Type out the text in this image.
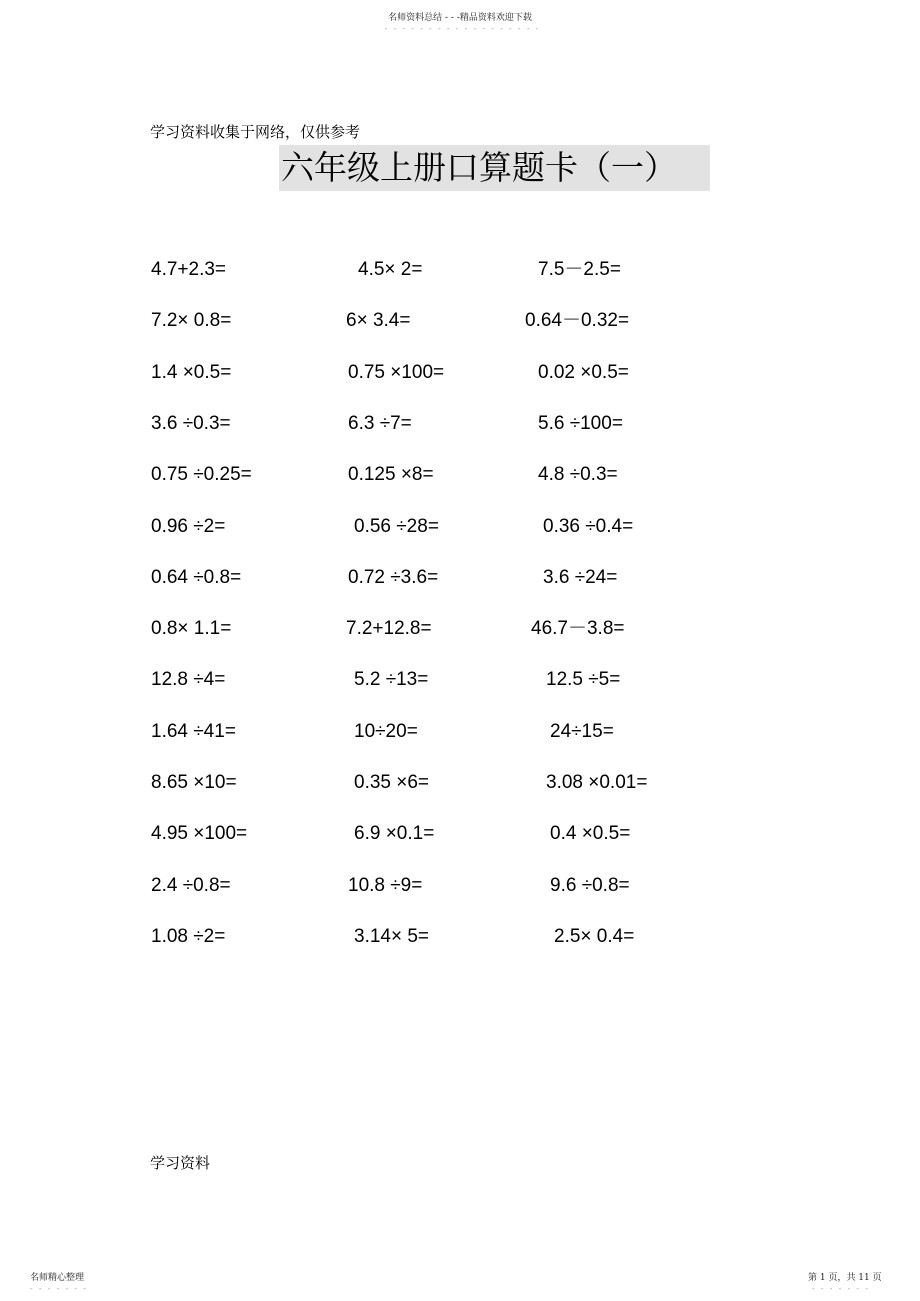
名师资料总结 - - -精品资料欢迎下载
- - - - - - - - - - - - - - - - - -
学习资料收集于网络，仅供参考
六年级上册口算题卡（一）
4.7+2.3=	4.5× 2=	7.5－2.5=
7.2× 0.8=	6× 3.4=	0.64－0.32=
1.4 ×0.5=	0.75 ×100=	0.02 ×0.5=
3.6 ÷0.3=	6.3 ÷7=	5.6 ÷100=
0.75 ÷0.25=	0.125 ×8=	4.8 ÷0.3=
0.96 ÷2=	0.56 ÷28=	0.36 ÷0.4=
0.64 ÷0.8=	0.72 ÷3.6=	3.6 ÷24=
0.8× 1.1=	7.2+12.8=	46.7－3.8=
12.8 ÷4=	5.2 ÷13=	12.5 ÷5=
1.64 ÷41=	10÷20=	24÷15=
8.65 ×10=	0.35 ×6=	3.08 ×0.01=
4.95 ×100=	6.9 ×0.1=	0.4 ×0.5=
2.4 ÷0.8=	10.8 ÷9=	9.6 ÷0.8=
1.08 ÷2=	3.14× 5=	2.5× 0.4=
学习资料
名师精心整理
- - - - - - -
第 1 页，共 11 页
- - - - - - -
